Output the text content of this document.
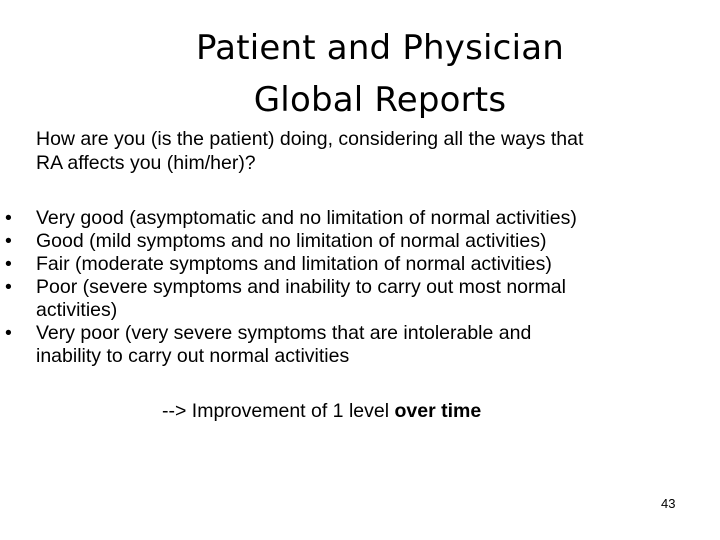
Patient and Physician
Global Reports
How are you (is the patient) doing, considering all the ways that
RA affects you (him/her)?
• Very good (asymptomatic and no limitation of normal activities)
• Good (mild symptoms and no limitation of normal activities)
• Fair (moderate symptoms and limitation of normal activities)
• Poor (severe symptoms and inability to carry out most normal
activities)
• Very poor (very severe symptoms that are intolerable and
inability to carry out normal activities
--> Improvement of 1 level over time
43
